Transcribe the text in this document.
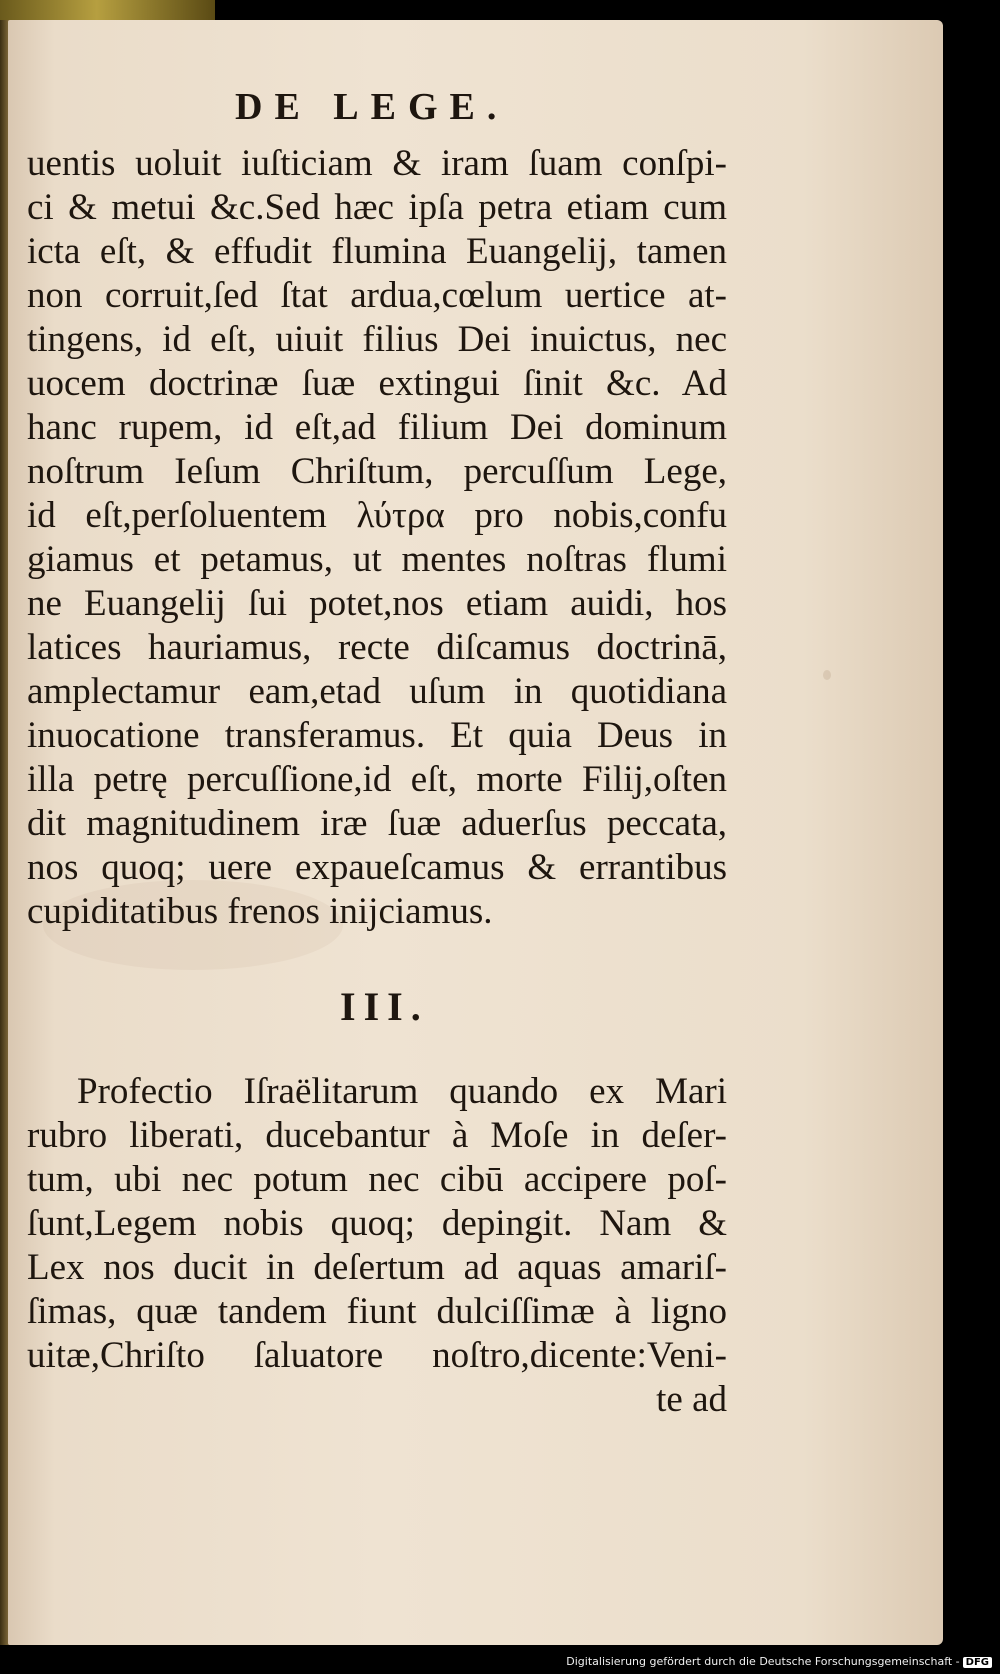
DE LEGE.
uentis uoluit iuſticiam & iram ſuam conſpi-
ci & metui &c.Sed hæc ipſa petra etiam cum
icta eſt, & effudit flumina Euangelij, tamen
non corruit,ſed ſtat ardua,cœlum uertice at-
tingens, id eſt, uiuit filius Dei inuictus, nec
uocem doctrinæ ſuæ extingui ſinit &c. Ad
hanc rupem, id eſt,ad filium Dei dominum
noſtrum Ieſum Chriſtum, percuſſum Lege,
id eſt,perſoluentem λύτρα pro nobis,confu
giamus et petamus, ut mentes noſtras flumi
ne Euangelij ſui potet,nos etiam auidi, hos
latices hauriamus, recte diſcamus doctrinā,
amplectamur eam,etad uſum in quotidiana
inuocatione transferamus. Et quia Deus in
illa petrę percuſſione,id eſt, morte Filij,oſten
dit magnitudinem iræ ſuæ aduerſus peccata,
nos quoq; uere expaueſcamus & errantibus
cupiditatibus frenos inijciamus.
III.
Profectio Iſraëlitarum quando ex Mari
rubro liberati, ducebantur à Moſe in deſer-
tum, ubi nec potum nec cibū accipere poſ-
ſunt,Legem nobis quoq; depingit. Nam &
Lex nos ducit in deſertum ad aquas amariſ-
ſimas, quæ tandem fiunt dulciſſimæ à ligno
uitæ,Chriſto ſaluatore noſtro,dicente:Veni-
te ad
Digitalisierung gefördert durch die Deutsche Forschungsgemeinschaft - DFG
